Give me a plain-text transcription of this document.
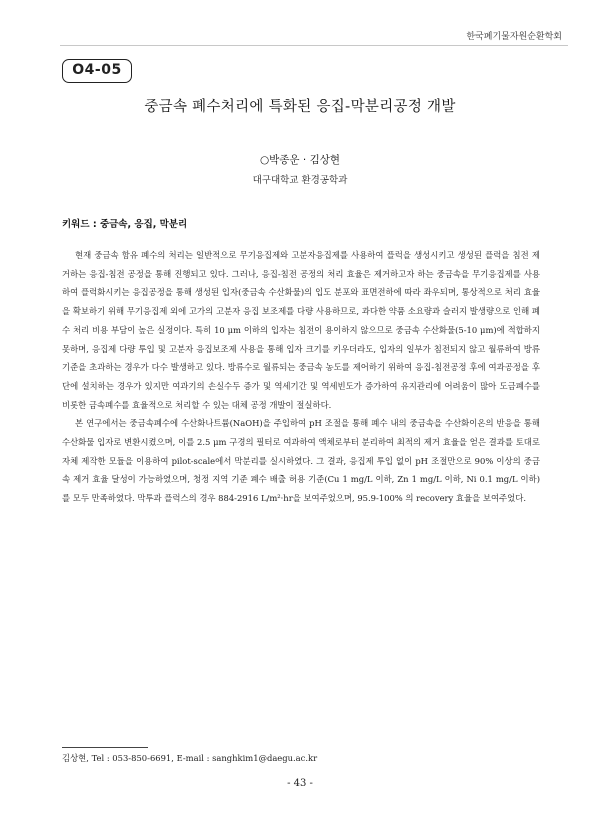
한국폐기물자원순환학회
O4-05
중금속 폐수처리에 특화된 응집-막분리공정 개발
○박종운 · 김상현
대구대학교 환경공학과
키워드 : 중금속, 응집, 막분리

현재 중금속 함유 폐수의 처리는 일반적으로 무기응집제와 고분자응집제를 사용하여 플럭을 생성시키고 생성된 플럭을 침전 제거하는 응집-침전 공정을 통해 진행되고 있다. 그러나, 응집-침전 공정의 처리 효율은 제거하고자 하는 중금속을 무기응집제를 사용하여 플럭화시키는 응집공정을 통해 생성된 입자(중금속 수산화물)의 입도 분포와 표면전하에 따라 좌우되며, 통상적으로 처리 효율을 확보하기 위해 무기응집제 외에 고가의 고분자 응집 보조제를 다량 사용하므로, 과다한 약품 소요량과 슬러지 발생량으로 인해 폐수 처리 비용 부담이 높은 실정이다. 특히 10 μm 이하의 입자는 침전이 용이하지 않으므로 중금속 수산화물(5-10 μm)에 적합하지 못하며, 응집제 다량 투입 및 고분자 응집보조제 사용을 통해 입자 크기를 키우더라도, 입자의 일부가 침전되지 않고 월류하여 방류기준을 초과하는 경우가 다수 발생하고 있다. 방류수로 월류되는 중금속 농도를 제어하기 위하여 응집-침전공정 후에 여과공정을 후단에 설치하는 경우가 있지만 여과기의 손실수두 증가 및 역세기간 및 역세빈도가 증가하여 유지관리에 어려움이 많아 도금폐수를 비롯한 금속폐수를 효율적으로 처리할 수 있는 대체 공정 개발이 절실하다.

본 연구에서는 중금속폐수에 수산화나트륨(NaOH)을 주입하여 pH 조절을 통해 폐수 내의 중금속을 수산화이온의 반응을 통해 수산화물 입자로 변환시켰으며, 이를 2.5 μm 구경의 필터로 여과하여 액체로부터 분리하여 최적의 제거 효율을 얻은 결과를 토대로 자체 제작한 모듈을 이용하여 pilot-scale에서 막분리를 실시하였다. 그 결과, 응집제 투입 없이 pH 조절만으로 90% 이상의 중금속 제거 효율 달성이 가능하였으며, 청정 지역 기준 폐수 배출 허용 기준(Cu 1 mg/L 이하, Zn 1 mg/L 이하, Ni 0.1 mg/L 이하)를 모두 만족하였다. 막투과 플럭스의 경우 884-2916 L/m²·hr을 보여주었으며, 95.9-100% 의 recovery 효율을 보여주었다.

김상현, Tel : 053-850-6691, E-mail : sanghkim1@daegu.ac.kr
- 43 -
